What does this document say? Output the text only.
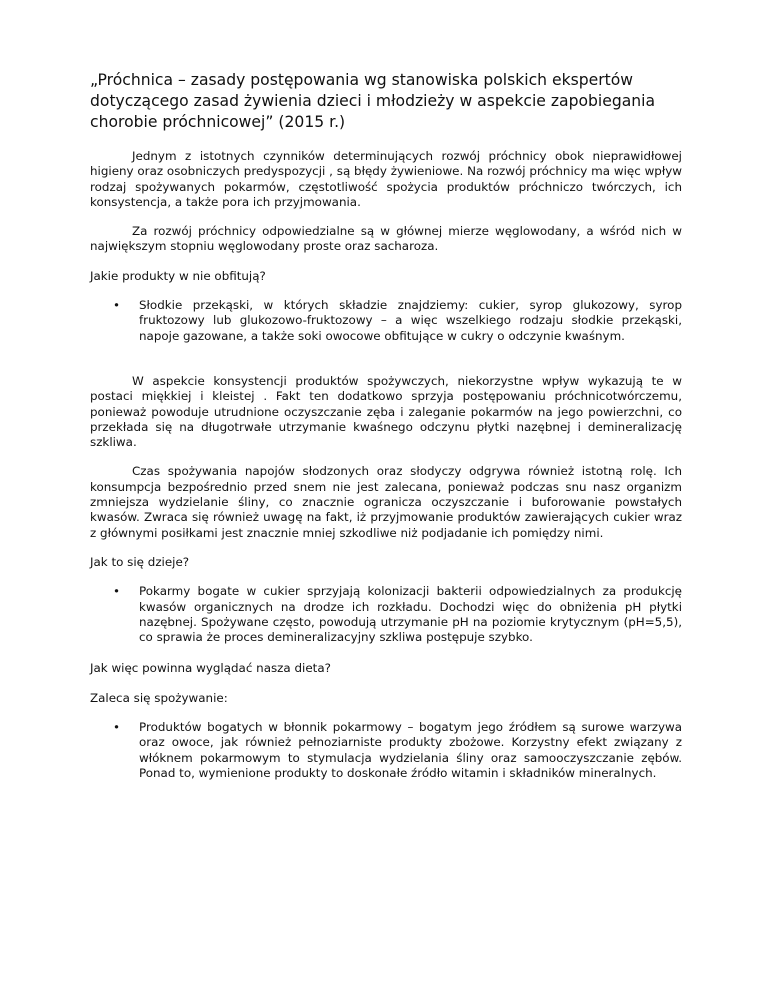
„Próchnica – zasady postępowania wg stanowiska polskich ekspertów dotyczącego zasad żywienia dzieci i młodzieży w aspekcie zapobiegania chorobie próchnicowej” (2015 r.)

Jednym z istotnych czynników determinujących rozwój próchnicy obok nieprawidłowej higieny oraz osobniczych predyspozycji , są błędy żywieniowe. Na rozwój próchnicy ma więc wpływ rodzaj spożywanych pokarmów, częstotliwość spożycia produktów próchniczo twórczych, ich konsystencja, a także pora ich przyjmowania.

Za rozwój próchnicy odpowiedzialne są w głównej mierze węglowodany, a wśród nich w największym stopniu węglowodany proste oraz sacharoza.

Jakie produkty w nie obfitują?

• Słodkie przekąski, w których składzie znajdziemy: cukier, syrop glukozowy, syrop fruktozowy lub glukozowo-fruktozowy – a więc wszelkiego rodzaju słodkie przekąski, napoje gazowane, a także soki owocowe obfitujące w cukry o odczynie kwaśnym.

W aspekcie konsystencji produktów spożywczych, niekorzystne wpływ wykazują te w postaci miękkiej i kleistej . Fakt ten dodatkowo sprzyja postępowaniu próchnicotwórczemu, ponieważ powoduje utrudnione oczyszczanie zęba i zaleganie pokarmów na jego powierzchni, co przekłada się na długotrwałe utrzymanie kwaśnego odczynu płytki nazębnej i demineralizację szkliwa.

Czas spożywania napojów słodzonych oraz słodyczy odgrywa również istotną rolę. Ich konsumpcja bezpośrednio przed snem nie jest zalecana, ponieważ podczas snu nasz organizm zmniejsza wydzielanie śliny, co znacznie ogranicza oczyszczanie i buforowanie powstałych kwasów. Zwraca się również uwagę na fakt, iż przyjmowanie produktów zawierających cukier wraz z głównymi posiłkami jest znacznie mniej szkodliwe niż podjadanie ich pomiędzy nimi.

Jak to się dzieje?

• Pokarmy bogate w cukier sprzyjają kolonizacji bakterii odpowiedzialnych za produkcję kwasów organicznych na drodze ich rozkładu. Dochodzi więc do obniżenia pH płytki nazębnej. Spożywane często, powodują utrzymanie pH na poziomie krytycznym (pH=5,5), co sprawia że proces demineralizacyjny szkliwa postępuje szybko.

Jak więc powinna wyglądać nasza dieta?

Zaleca się spożywanie:

• Produktów bogatych w błonnik pokarmowy – bogatym jego źródłem są surowe warzywa oraz owoce, jak również pełnoziarniste produkty zbożowe. Korzystny efekt związany z włóknem pokarmowym to stymulacja wydzielania śliny oraz samooczyszczanie zębów. Ponad to, wymienione produkty to doskonałe źródło witamin i składników mineralnych.
